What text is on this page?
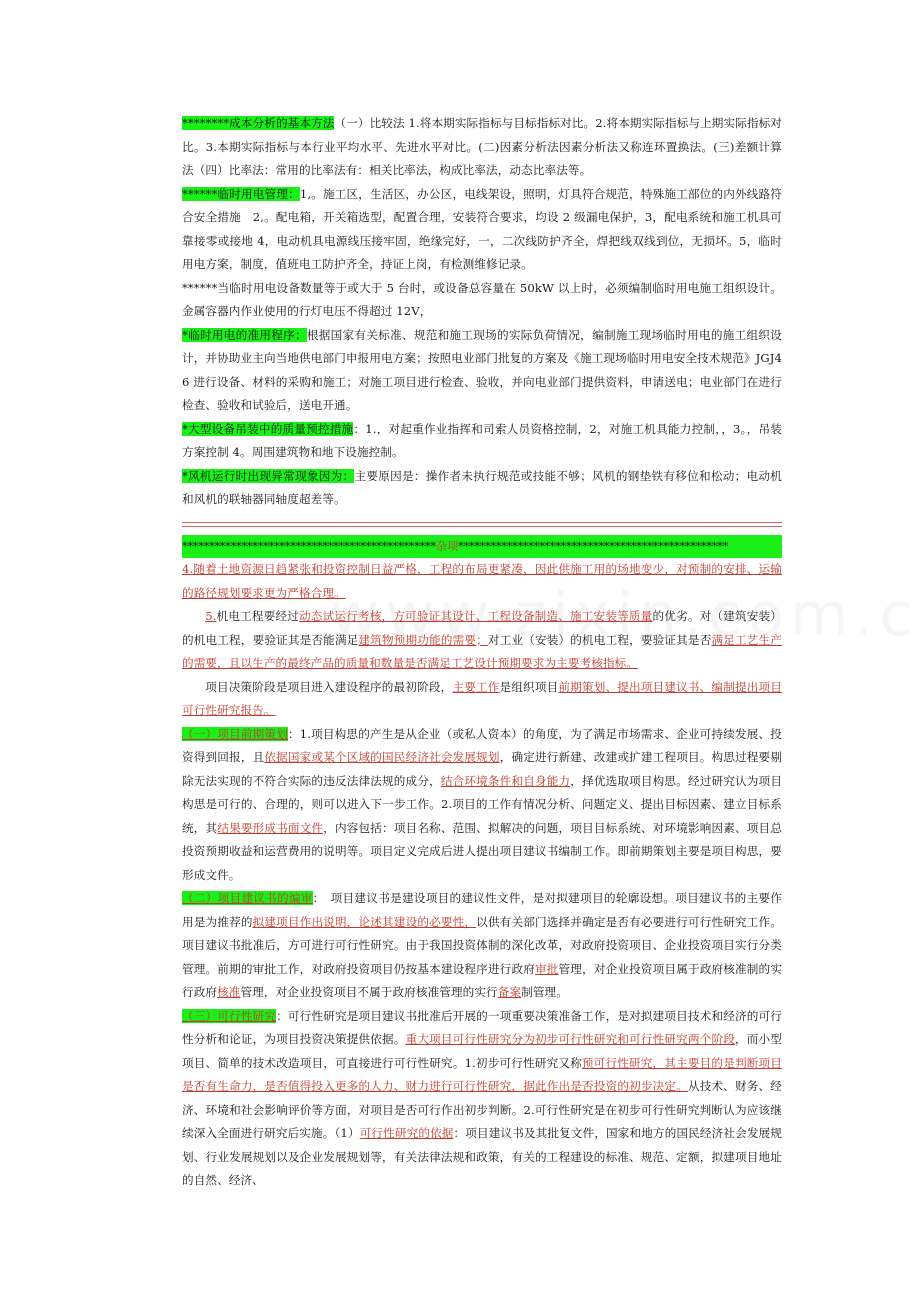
********成本分析的基本方法（一）比较法 1.将本期实际指标与目标指标对比。2.将本期实际指标与上期实际指标对比。3.本期实际指标与本行业平均水平、先进水平对比。(二)因素分析法因素分析法又称连环置换法。(三)差额计算法（四）比率法：常用的比率法有：相关比率法，构成比率法，动态比率法等。

******临时用电管理：1,。施工区，生活区，办公区，电线架设，照明，灯具符合规范，特殊施工部位的内外线路符合安全措施　2,。配电箱，开关箱选型，配置合理，安装符合要求，均设 2 级漏电保护，3，配电系统和施工机具可靠接零或接地 4，电动机具电源线压接牢固，绝缘完好，一，二次线防护齐全，焊把线双线到位，无损坏。5，临时用电方案，制度，值班电工防护齐全，持证上岗，有检测维修记录。

******当临时用电设备数量等于或大于 5 台时，或设备总容量在 50kW 以上时，必须编制临时用电施工组织设计。金属容器内作业使用的行灯电压不得超过 12V，

*临时用电的准用程序：根据国家有关标准、规范和施工现场的实际负荷情况，编制施工现场临时用电的施工组织设计，并协助业主向当地供电部门申报用电方案；按照电业部门批复的方案及《施工现场临时用电安全技术规范》JGJ46 进行设备、材料的采购和施工；对施工项目进行检查、验收，并向电业部门提供资料，申请送电；电业部门在进行检查、验收和试验后，送电开通。

*大型设备吊装中的质量预控措施：1.，对起重作业指挥和司索人员资格控制，2，对施工机具能力控制，，3。，吊装方案控制 4。周围建筑物和地下设施控制。

*风机运行时出现异常现象因为：主要原因是：操作者未执行规范或技能不够；风机的钢垫铁有移位和松动；电动机和风机的联轴器同轴度超差等。

***********************************************杂项**************************************************

4.随着土地资源日趋紧张和投资控制日益严格，工程的布局更紧凑，因此供施工用的场地变少，对预制的安排、运输的路径规划要求更为严格合理。

5.机电工程要经过动态试运行考核，方可验证其设计、工程设备制造、施工安装等质量的优劣。对（建筑安装）的机电工程，要验证其是否能满足建筑物预期功能的需要；对工业（安装）的机电工程，要验证其是否满足工艺生产的需要，且以生产的最终产品的质量和数量是否满足工艺设计预期要求为主要考核指标。

项目决策阶段是项目进入建设程序的最初阶段，主要工作是组织项目前期策划、提出项目建议书、编制提出项目可行性研究报告。

（一）项目前期策划：1.项目构思的产生是从企业（或私人资本）的角度，为了满足市场需求、企业可持续发展、投资得到回报，且依据国家或某个区域的国民经济社会发展规划，确定进行新建、改建或扩建工程项目。构思过程要剔除无法实现的不符合实际的违反法律法规的成分，结合环境条件和自身能力，择优选取项目构思。经过研究认为项目构思是可行的、合理的，则可以进入下一步工作。2.项目的工作有情况分析、问题定义、提出目标因素、建立目标系统，其结果要形成书面文件，内容包括：项目名称、范围、拟解决的问题，项目目标系统、对环境影响因素、项目总投资预期收益和运营费用的说明等。项目定义完成后进人提出项目建议书编制工作。即前期策划主要是项目构思，要形成文件。

（二）项目建议书的编审：　项目建议书是建设项目的建议性文件，是对拟建项目的轮廓设想。项目建议书的主要作用是为推荐的拟建项目作出说明，论述其建设的必要性，以供有关部门选择并确定是否有必要进行可行性研究工作。项目建议书批准后，方可进行可行性研究。由于我国投资体制的深化改革，对政府投资项目、企业投资项目实行分类管理。前期的审批工作，对政府投资项目仍按基本建设程序进行政府审批管理，对企业投资项目属于政府核准制的实行政府核准管理，对企业投资项目不属于政府核准管理的实行备案制管理。

（三）可行性研究：可行性研究是项目建议书批准后开展的一项重要决策准备工作，是对拟建项目技术和经济的可行性分析和论证，为项目投资决策提供依据。重大项目可行性研究分为初步可行性研究和可行性研究两个阶段，而小型项目、简单的技术改造项目，可直接进行可行性研究。1.初步可行性研究又称预可行性研究，其主要目的是判断项目是否有生命力，是否值得投入更多的人力、财力进行可行性研究，据此作出是否投资的初步决定。从技术、财务、经济、环境和社会影响评价等方面，对项目是否可行作出初步判断。2.可行性研究是在初步可行性研究判断认为应该继续深入全面进行研究后实施。（1）可行性研究的依据：项目建议书及其批复文件，国家和地方的国民经济社会发展规划、行业发展规划以及企业发展规划等，有关法律法规和政策，有关的工程建设的标准、规范、定额，拟建项目地址的自然、经济、
